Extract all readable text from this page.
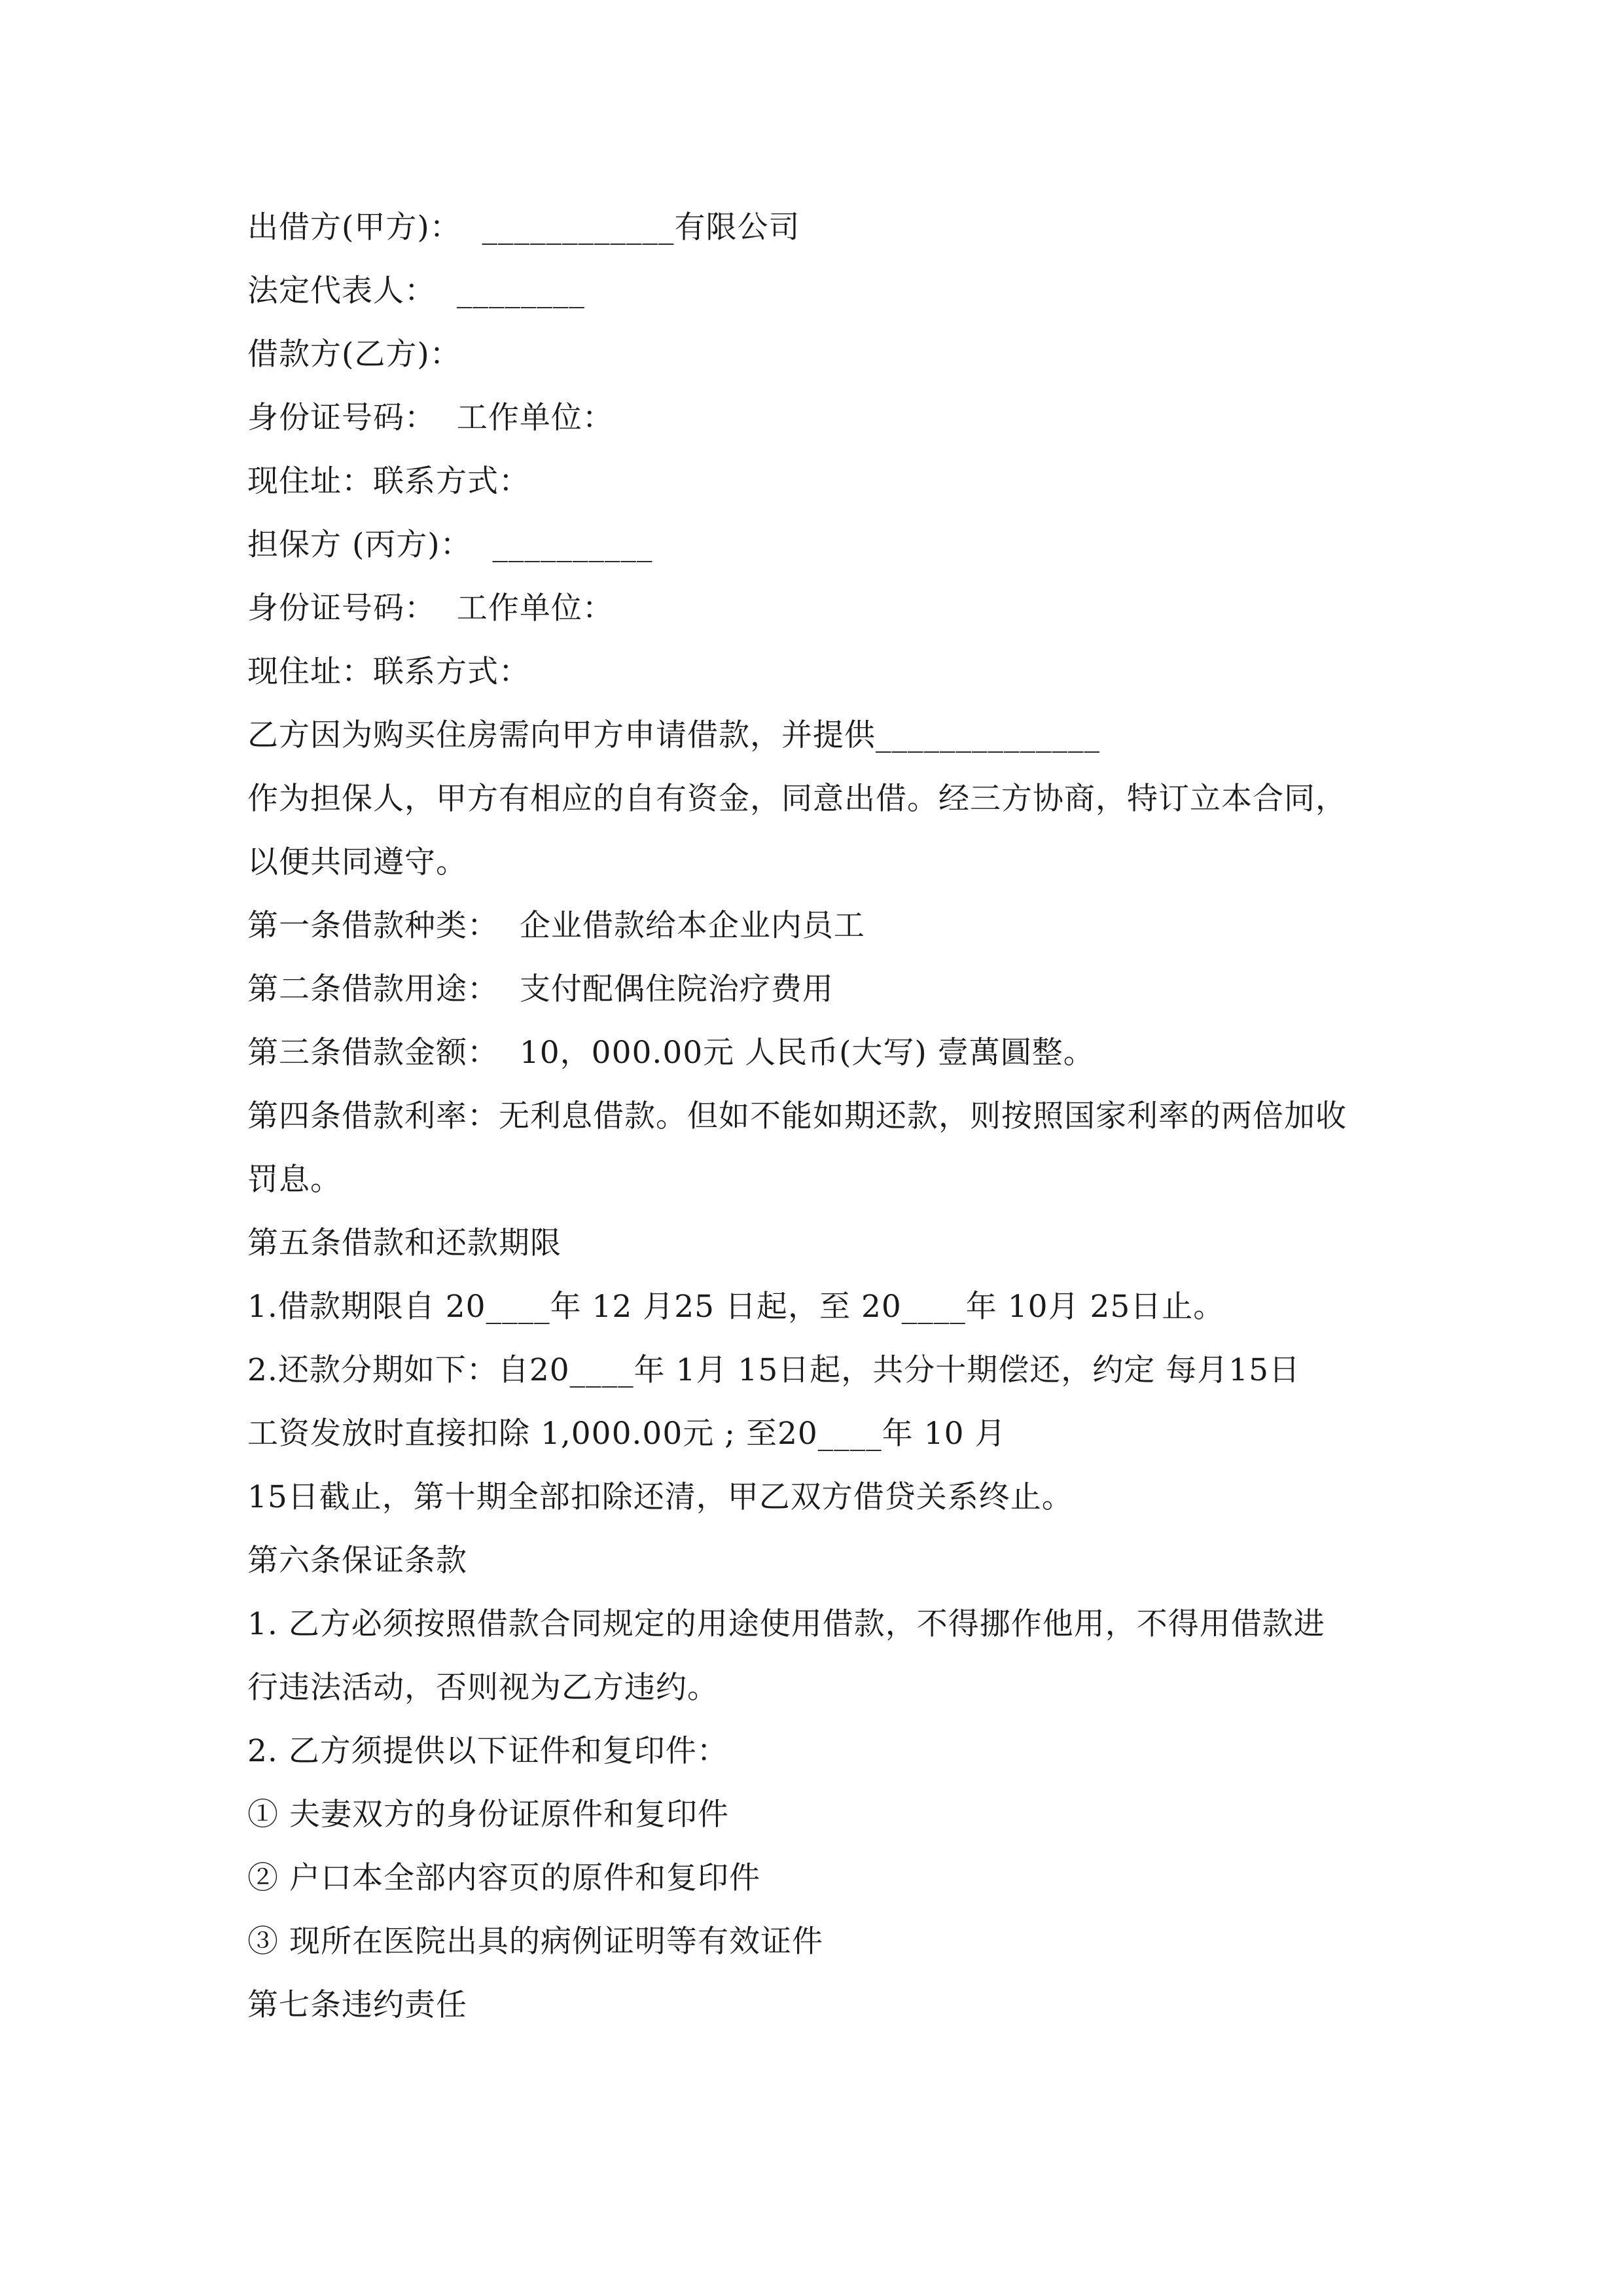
出借方(甲方)：  ____________有限公司
法定代表人：  ________
借款方(乙方)：
身份证号码：  工作单位：
现住址：联系方式：
担保方 (丙方)：  __________
身份证号码：  工作单位：
现住址：联系方式：
乙方因为购买住房需向甲方申请借款，并提供______________
作为担保人，甲方有相应的自有资金，同意出借。经三方协商，特订立本合同，
以便共同遵守。
第一条借款种类：  企业借款给本企业内员工
第二条借款用途：  支付配偶住院治疗费用
第三条借款金额：  10，000.00元 人民币(大写) 壹萬圓整。
第四条借款利率：无利息借款。但如不能如期还款，则按照国家利率的两倍加收
罚息。
第五条借款和还款期限
1.借款期限自 20____年 12 月25 日起，至 20____年 10月 25日止。
2.还款分期如下：自20____年 1月 15日起，共分十期偿还，约定 每月15日
工资发放时直接扣除 1,000.00元 ; 至20____年 10 月
15日截止，第十期全部扣除还清，甲乙双方借贷关系终止。
第六条保证条款
1. 乙方必须按照借款合同规定的用途使用借款，不得挪作他用，不得用借款进
行违法活动，否则视为乙方违约。
2. 乙方须提供以下证件和复印件：
① 夫妻双方的身份证原件和复印件
② 户口本全部内容页的原件和复印件
③ 现所在医院出具的病例证明等有效证件
第七条违约责任
